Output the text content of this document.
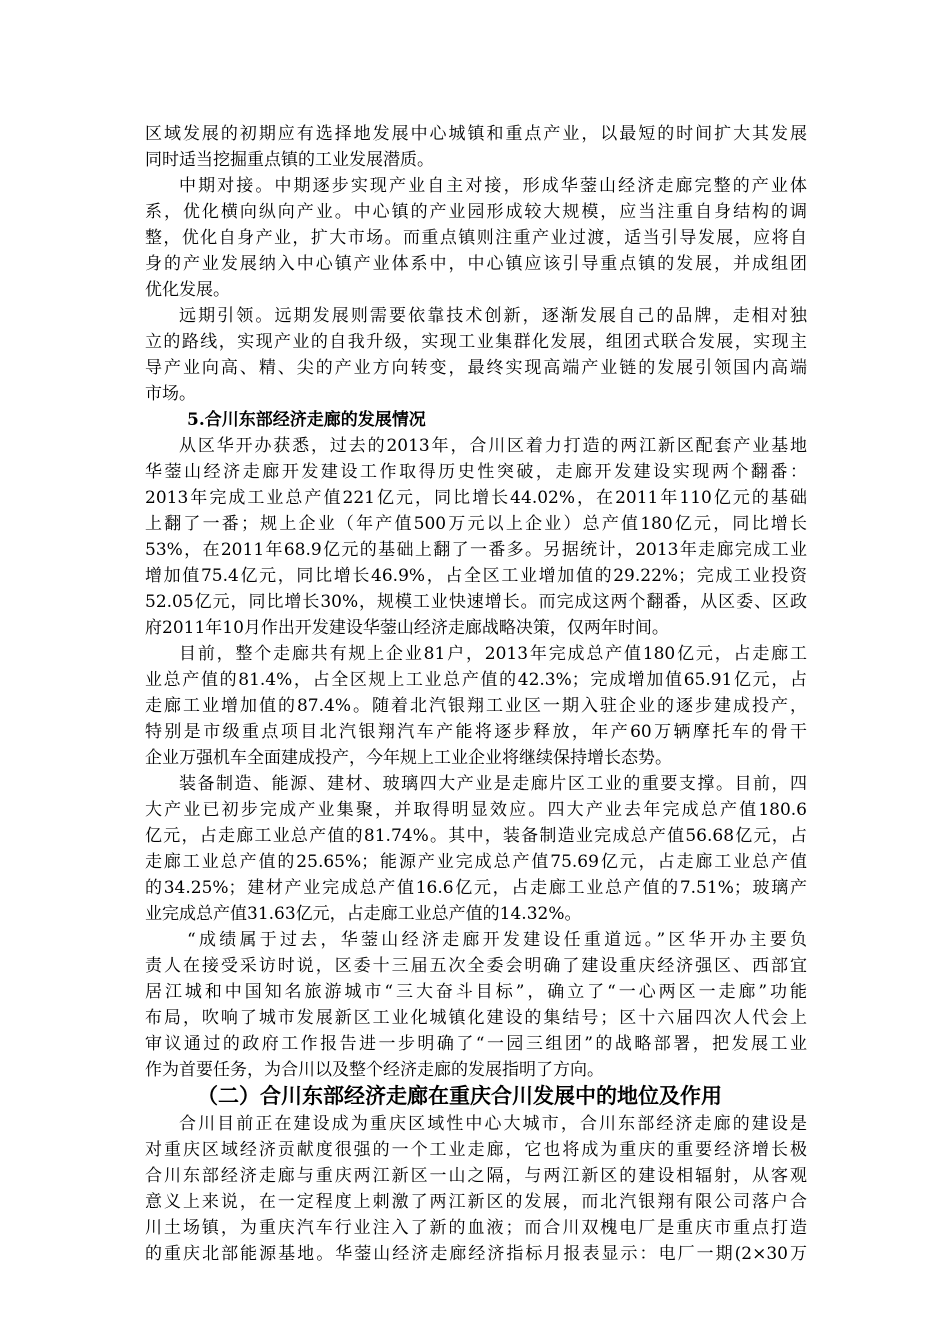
区域发展的初期应有选择地发展中心城镇和重点产业，以最短的时间扩大其发展
同时适当挖掘重点镇的工业发展潜质。
中期对接。中期逐步实现产业自主对接，形成华蓥山经济走廊完整的产业体
系，优化横向纵向产业。中心镇的产业园形成较大规模，应当注重自身结构的调
整，优化自身产业，扩大市场。而重点镇则注重产业过渡，适当引导发展，应将自
身的产业发展纳入中心镇产业体系中，中心镇应该引导重点镇的发展，并成组团
优化发展。
远期引领。远期发展则需要依靠技术创新，逐渐发展自己的品牌，走相对独
立的路线，实现产业的自我升级，实现工业集群化发展，组团式联合发展，实现主
导产业向高、精、尖的产业方向转变，最终实现高端产业链的发展引领国内高端
市场。
5.合川东部经济走廊的发展情况
从区华开办获悉，过去的2013年，合川区着力打造的两江新区配套产业基地
华蓥山经济走廊开发建设工作取得历史性突破，走廊开发建设实现两个翻番：
2013年完成工业总产值221亿元，同比增长44.02%，在2011年110亿元的基础
上翻了一番；规上企业（年产值500万元以上企业）总产值180亿元，同比增长
53%，在2011年68.9亿元的基础上翻了一番多。另据统计，2013年走廊完成工业
增加值75.4亿元，同比增长46.9%，占全区工业增加值的29.22%；完成工业投资
52.05亿元，同比增长30%，规模工业快速增长。而完成这两个翻番，从区委、区政
府2011年10月作出开发建设华蓥山经济走廊战略决策，仅两年时间。
目前，整个走廊共有规上企业81户，2013年完成总产值180亿元，占走廊工
业总产值的81.4%，占全区规上工业总产值的42.3%；完成增加值65.91亿元，占
走廊工业增加值的87.4%。随着北汽银翔工业区一期入驻企业的逐步建成投产，
特别是市级重点项目北汽银翔汽车产能将逐步释放，年产60万辆摩托车的骨干
企业万强机车全面建成投产，今年规上工业企业将继续保持增长态势。
装备制造、能源、建材、玻璃四大产业是走廊片区工业的重要支撑。目前，四
大产业已初步完成产业集聚，并取得明显效应。四大产业去年完成总产值180.6
亿元，占走廊工业总产值的81.74%。其中，装备制造业完成总产值56.68亿元，占
走廊工业总产值的25.65%；能源产业完成总产值75.69亿元，占走廊工业总产值
的34.25%；建材产业完成总产值16.6亿元，占走廊工业总产值的7.51%；玻璃产
业完成总产值31.63亿元，占走廊工业总产值的14.32%。
“成绩属于过去，华蓥山经济走廊开发建设任重道远。”区华开办主要负
责人在接受采访时说，区委十三届五次全委会明确了建设重庆经济强区、西部宜
居江城和中国知名旅游城市“三大奋斗目标”，确立了“一心两区一走廊”功能
布局，吹响了城市发展新区工业化城镇化建设的集结号；区十六届四次人代会上
审议通过的政府工作报告进一步明确了“一园三组团”的战略部署，把发展工业
作为首要任务，为合川以及整个经济走廊的发展指明了方向。
（二）合川东部经济走廊在重庆合川发展中的地位及作用
合川目前正在建设成为重庆区域性中心大城市，合川东部经济走廊的建设是
对重庆区域经济贡献度很强的一个工业走廊，它也将成为重庆的重要经济增长极
合川东部经济走廊与重庆两江新区一山之隔，与两江新区的建设相辐射，从客观
意义上来说，在一定程度上刺激了两江新区的发展，而北汽银翔有限公司落户合
川土场镇，为重庆汽车行业注入了新的血液；而合川双槐电厂是重庆市重点打造
的重庆北部能源基地。华蓥山经济走廊经济指标月报表显示：电厂一期(2×30万
